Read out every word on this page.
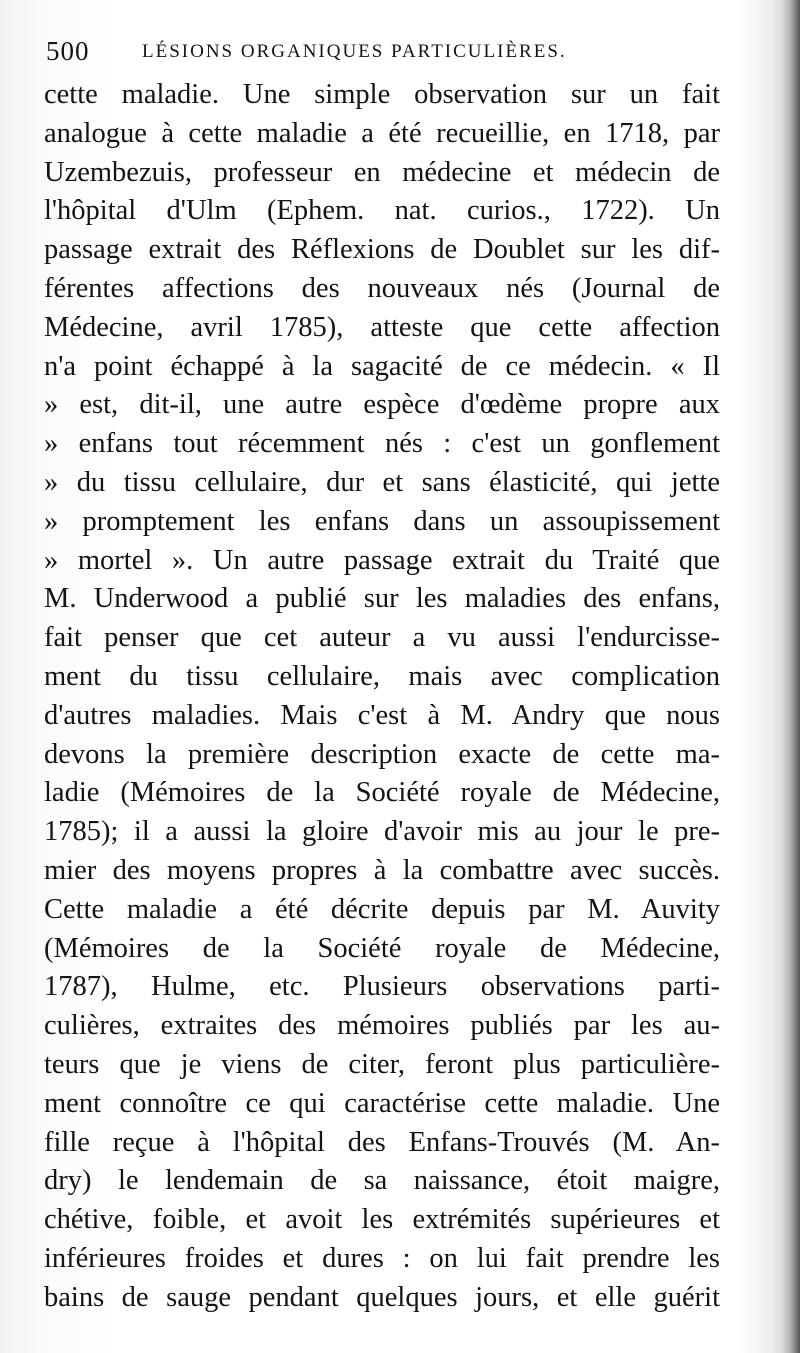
500	LÉSIONS ORGANIQUES PARTICULIÈRES.
cette maladie. Une simple observation sur un fait
analogue à cette maladie a été recueillie, en 1718, par
Uzembezuis, professeur en médecine et médecin de
l'hôpital d'Ulm (Ephem. nat. curios., 1722). Un
passage extrait des Réflexions de Doublet sur les dif-
férentes affections des nouveaux nés (Journal de
Médecine, avril 1785), atteste que cette affection
n'a point échappé à la sagacité de ce médecin. « Il
» est, dit-il, une autre espèce d'œdème propre aux
» enfans tout récemment nés : c'est un gonflement
» du tissu cellulaire, dur et sans élasticité, qui jette
» promptement les enfans dans un assoupissement
» mortel ». Un autre passage extrait du Traité que
M. Underwood a publié sur les maladies des enfans,
fait penser que cet auteur a vu aussi l'endurcisse-
ment du tissu cellulaire, mais avec complication
d'autres maladies. Mais c'est à M. Andry que nous
devons la première description exacte de cette ma-
ladie (Mémoires de la Société royale de Médecine,
1785); il a aussi la gloire d'avoir mis au jour le pre-
mier des moyens propres à la combattre avec succès.
Cette maladie a été décrite depuis par M. Auvity
(Mémoires de la Société royale de Médecine,
1787), Hulme, etc. Plusieurs observations parti-
culières, extraites des mémoires publiés par les au-
teurs que je viens de citer, feront plus particulière-
ment connoître ce qui caractérise cette maladie. Une
fille reçue à l'hôpital des Enfans-Trouvés (M. An-
dry) le lendemain de sa naissance, étoit maigre,
chétive, foible, et avoit les extrémités supérieures et
inférieures froides et dures : on lui fait prendre les
bains de sauge pendant quelques jours, et elle guérit
